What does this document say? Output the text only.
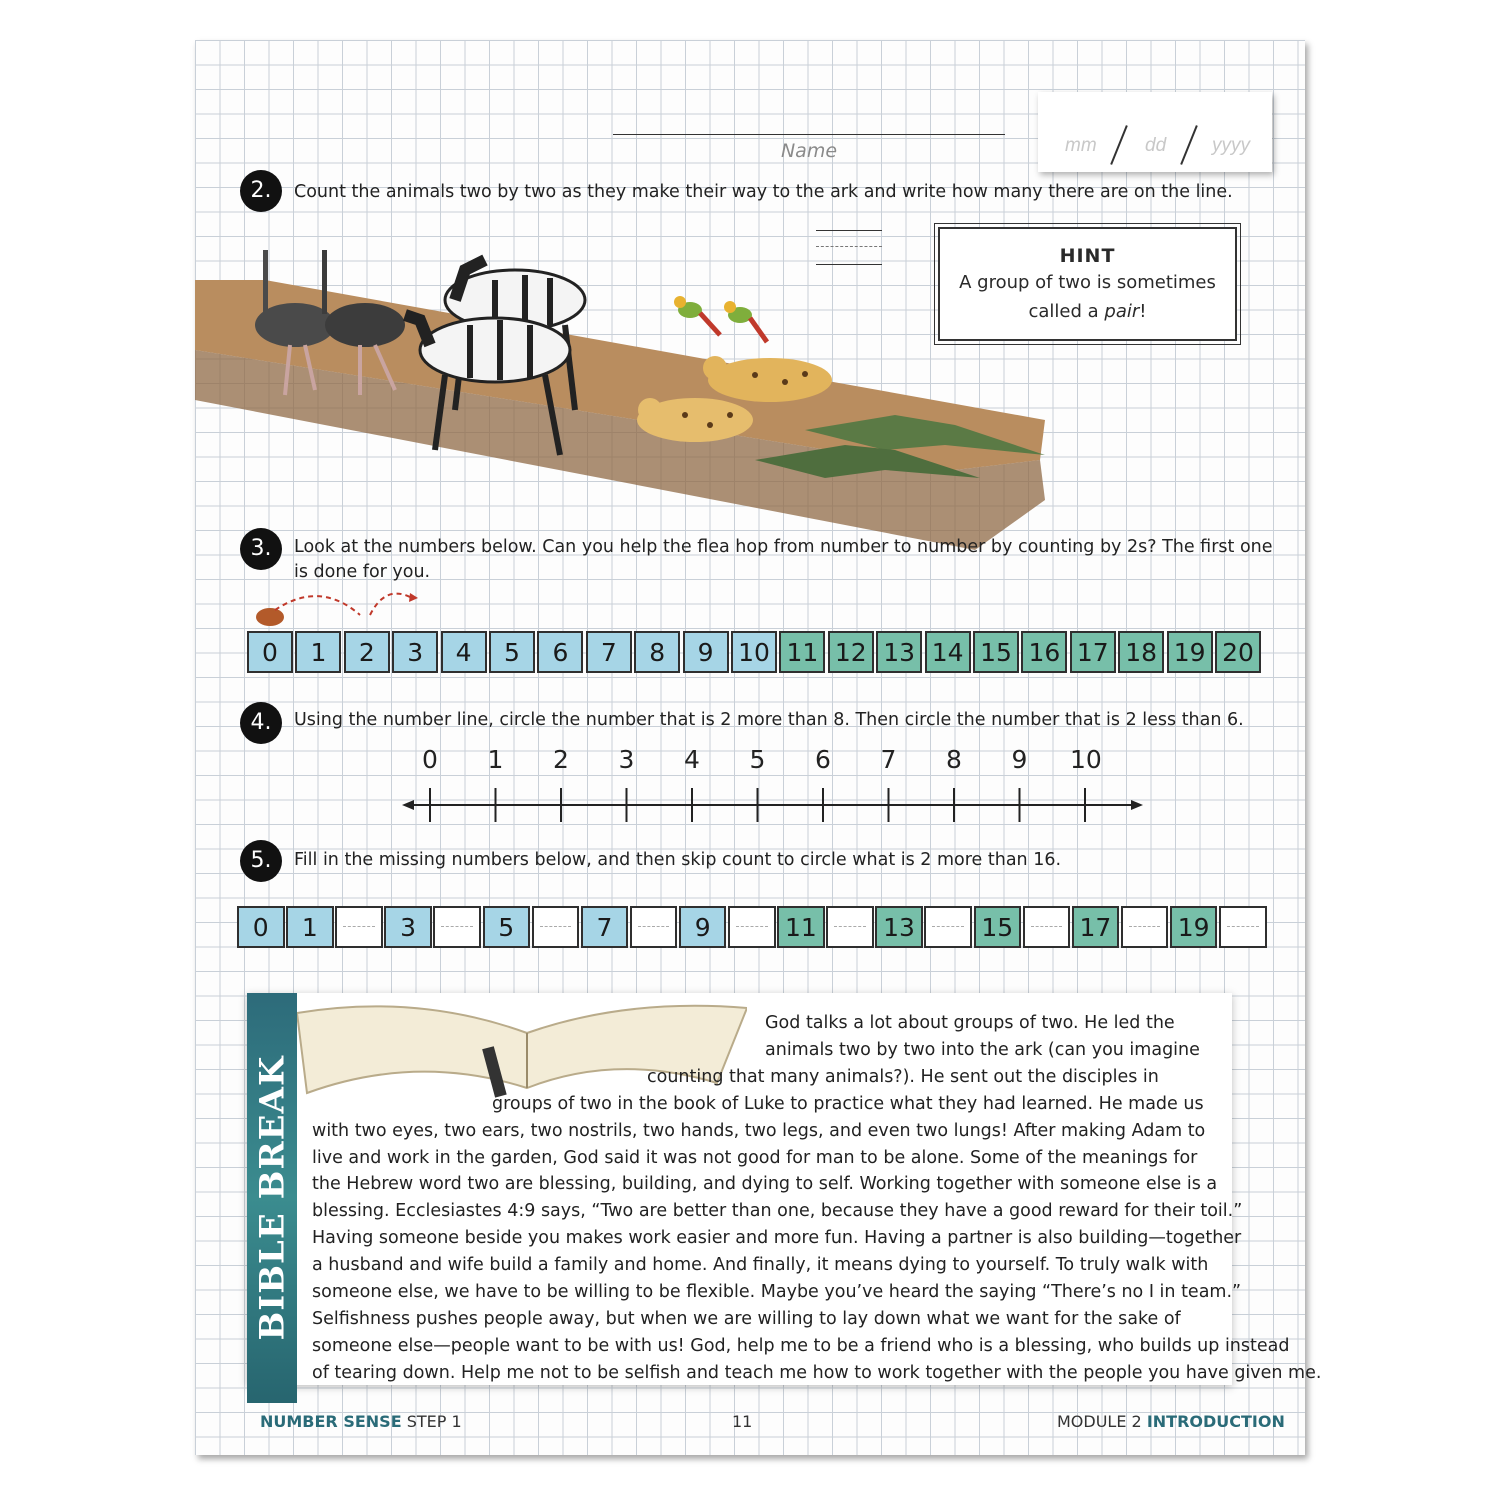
mm	dd yyyy
Name
2.	Count the animals two by two as they make their way to the ark and write how many there are on the line.
HINT
A group of two is sometimes
called a pair!
3.	Look at the numbers below. Can you help the flea hop from number to number by counting by 2s? The first one
is done for you.
0	1	2	3	4	5	6	7	8	9 10 11 12 13 14 15 16 17 18 19 20
4.	Using the number line, circle the number that is 2 more than 8. Then circle the number that is 2 less than 6.
0 1 2 3 4 5 6 7 8 9 10
5.	Fill in the missing numbers below, and then skip count to circle what is 2 more than 16.
0	1	3	5	7	9	11	13	15	17	19
BIBLE BREAK
God talks a lot about groups of two. He led the
animals two by two into the ark (can you imagine
counting that many animals?). He sent out the disciples in
groups of two in the book of Luke to practice what they had learned. He made us
with two eyes, two ears, two nostrils, two hands, two legs, and even two lungs! After making Adam to
live and work in the garden, God said it was not good for man to be alone. Some of the meanings for
the Hebrew word two are blessing, building, and dying to self. Working together with someone else is a
blessing. Ecclesiastes 4:9 says, “Two are better than one, because they have a good reward for their toil.”
Having someone beside you makes work easier and more fun. Having a partner is also building—together
a husband and wife build a family and home. And finally, it means dying to yourself. To truly walk with
someone else, we have to be willing to be flexible. Maybe you’ve heard the saying “There’s no I in team.”
Selfishness pushes people away, but when we are willing to lay down what we want for the sake of
someone else—people want to be with us! God, help me to be a friend who is a blessing, who builds up instead
of tearing down. Help me not to be selfish and teach me how to work together with the people you have given me.
NUMBER SENSE STEP 1	11	MODULE 2 INTRODUCTION
